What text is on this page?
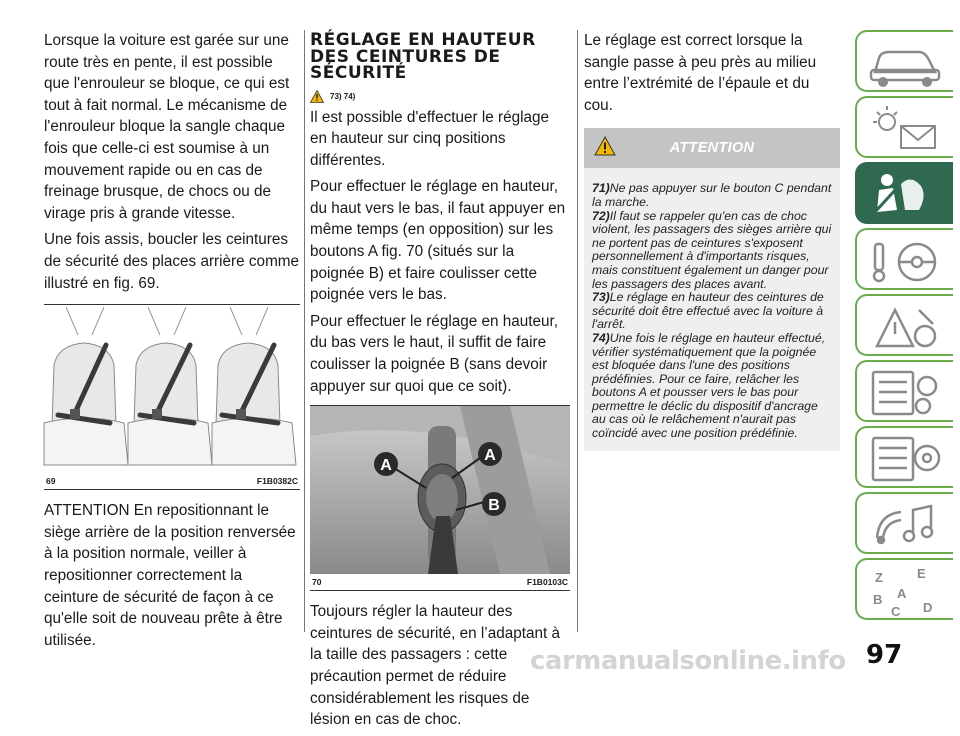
Lorsque la voiture est garée sur une route très en pente, il est possible que l'enrouleur se bloque, ce qui est tout à fait normal. Le mécanisme de l'enrouleur bloque la sangle chaque fois que celle-ci est soumise à un mouvement rapide ou en cas de freinage brusque, de chocs ou de virage pris à grande vitesse.

Une fois assis, boucler les ceintures de sécurité des places arrière comme illustré en fig. 69.

69	F1B0382C

ATTENTION En repositionnant le siège arrière de la position renversée à la position normale, veiller à repositionner correctement la ceinture de sécurité de façon à ce qu'elle soit de nouveau prête à être utilisée.

RÉGLAGE EN HAUTEUR DES CEINTURES DE SÉCURITÉ
73) 74)

Il est possible d'effectuer le réglage en hauteur sur cinq positions différentes.

Pour effectuer le réglage en hauteur, du haut vers le bas, il faut appuyer en même temps (en opposition) sur les boutons A fig. 70 (situés sur la poignée B) et faire coulisser cette poignée vers le bas.

Pour effectuer le réglage en hauteur, du bas vers le haut, il suffit de faire coulisser la poignée B (sans devoir appuyer sur quoi que ce soit).

A
A
B
70	F1B0103C

Toujours régler la hauteur des ceintures de sécurité, en l’adaptant à la taille des passagers : cette précaution permet de réduire considérablement les risques de lésion en cas de choc.

Le réglage est correct lorsque la sangle passe à peu près au milieu entre l’extrémité de l’épaule et du cou.

ATTENTION
71)Ne pas appuyer sur le bouton C pendant la marche.
72)Il faut se rappeler qu'en cas de choc violent, les passagers des sièges arrière qui ne portent pas de ceintures s'exposent personnellement à d'importants risques, mais constituent également un danger pour les passagers des places avant.
73)Le réglage en hauteur des ceintures de sécurité doit être effectué avec la voiture à l'arrêt.
74)Une fois le réglage en hauteur effectué, vérifier systématiquement que la poignée est bloquée dans l'une des positions prédéfinies. Pour ce faire, relâcher les boutons A et pousser vers le bas pour permettre le déclic du dispositif d'ancrage au cas où le relâchement n'aurait pas coïncidé avec une position prédéfinie.
Z	E
B A
C D
97
carmanualsonline.info
